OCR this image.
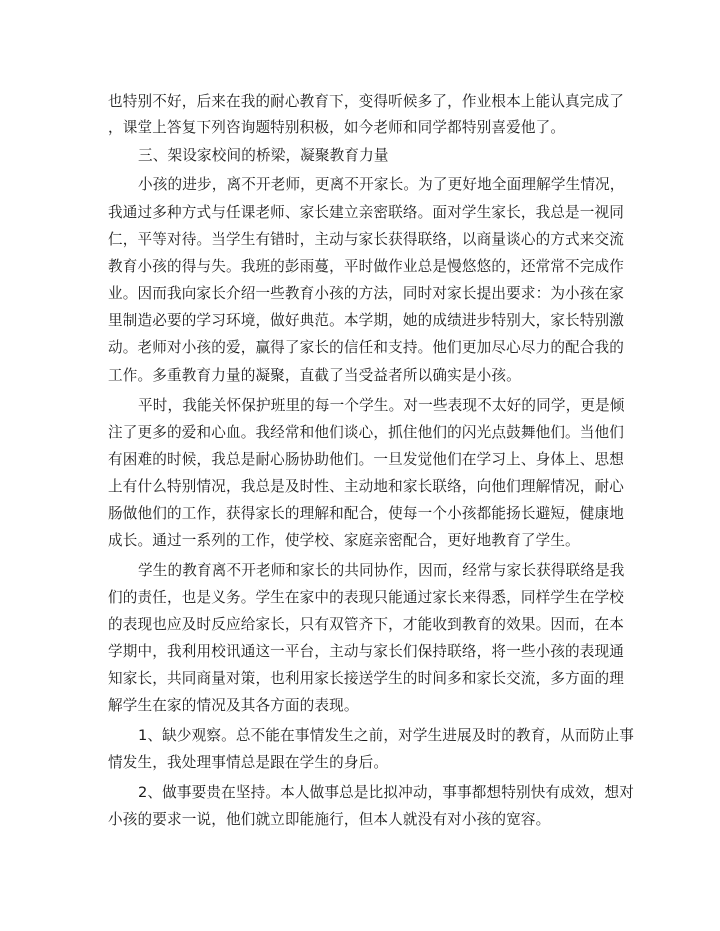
也特别不好，后来在我的耐心教育下，变得听候多了，作业根本上能认真完成了
，课堂上答复下列咨询题特别积极，如今老师和同学都特别喜爱他了。
三、架设家校间的桥梁，凝聚教育力量
小孩的进步，离不开老师，更离不开家长。为了更好地全面理解学生情况，
我通过多种方式与任课老师、家长建立亲密联络。面对学生家长，我总是一视同
仁，平等对待。当学生有错时，主动与家长获得联络，以商量谈心的方式来交流
教育小孩的得与失。我班的彭雨蔓，平时做作业总是慢悠悠的，还常常不完成作
业。因而我向家长介绍一些教育小孩的方法，同时对家长提出要求：为小孩在家
里制造必要的学习环境，做好典范。本学期，她的成绩进步特别大，家长特别激
动。老师对小孩的爱，赢得了家长的信任和支持。他们更加尽心尽力的配合我的
工作。多重教育力量的凝聚，直截了当受益者所以确实是小孩。
平时，我能关怀保护班里的每一个学生。对一些表现不太好的同学，更是倾
注了更多的爱和心血。我经常和他们谈心，抓住他们的闪光点鼓舞他们。当他们
有困难的时候，我总是耐心肠协助他们。一旦发觉他们在学习上、身体上、思想
上有什么特别情况，我总是及时性、主动地和家长联络，向他们理解情况，耐心
肠做他们的工作，获得家长的理解和配合，使每一个小孩都能扬长避短，健康地
成长。通过一系列的工作，使学校、家庭亲密配合，更好地教育了学生。
学生的教育离不开老师和家长的共同协作，因而，经常与家长获得联络是我
们的责任，也是义务。学生在家中的表现只能通过家长来得悉，同样学生在学校
的表现也应及时反应给家长，只有双管齐下，才能收到教育的效果。因而，在本
学期中，我利用校讯通这一平台，主动与家长们保持联络，将一些小孩的表现通
知家长，共同商量对策，也利用家长接送学生的时间多和家长交流，多方面的理
解学生在家的情况及其各方面的表现。
1、缺少观察。总不能在事情发生之前，对学生进展及时的教育，从而防止事
情发生，我处理事情总是跟在学生的身后。
2、做事要贵在坚持。本人做事总是比拟冲动，事事都想特别快有成效，想对
小孩的要求一说，他们就立即能施行，但本人就没有对小孩的宽容。
